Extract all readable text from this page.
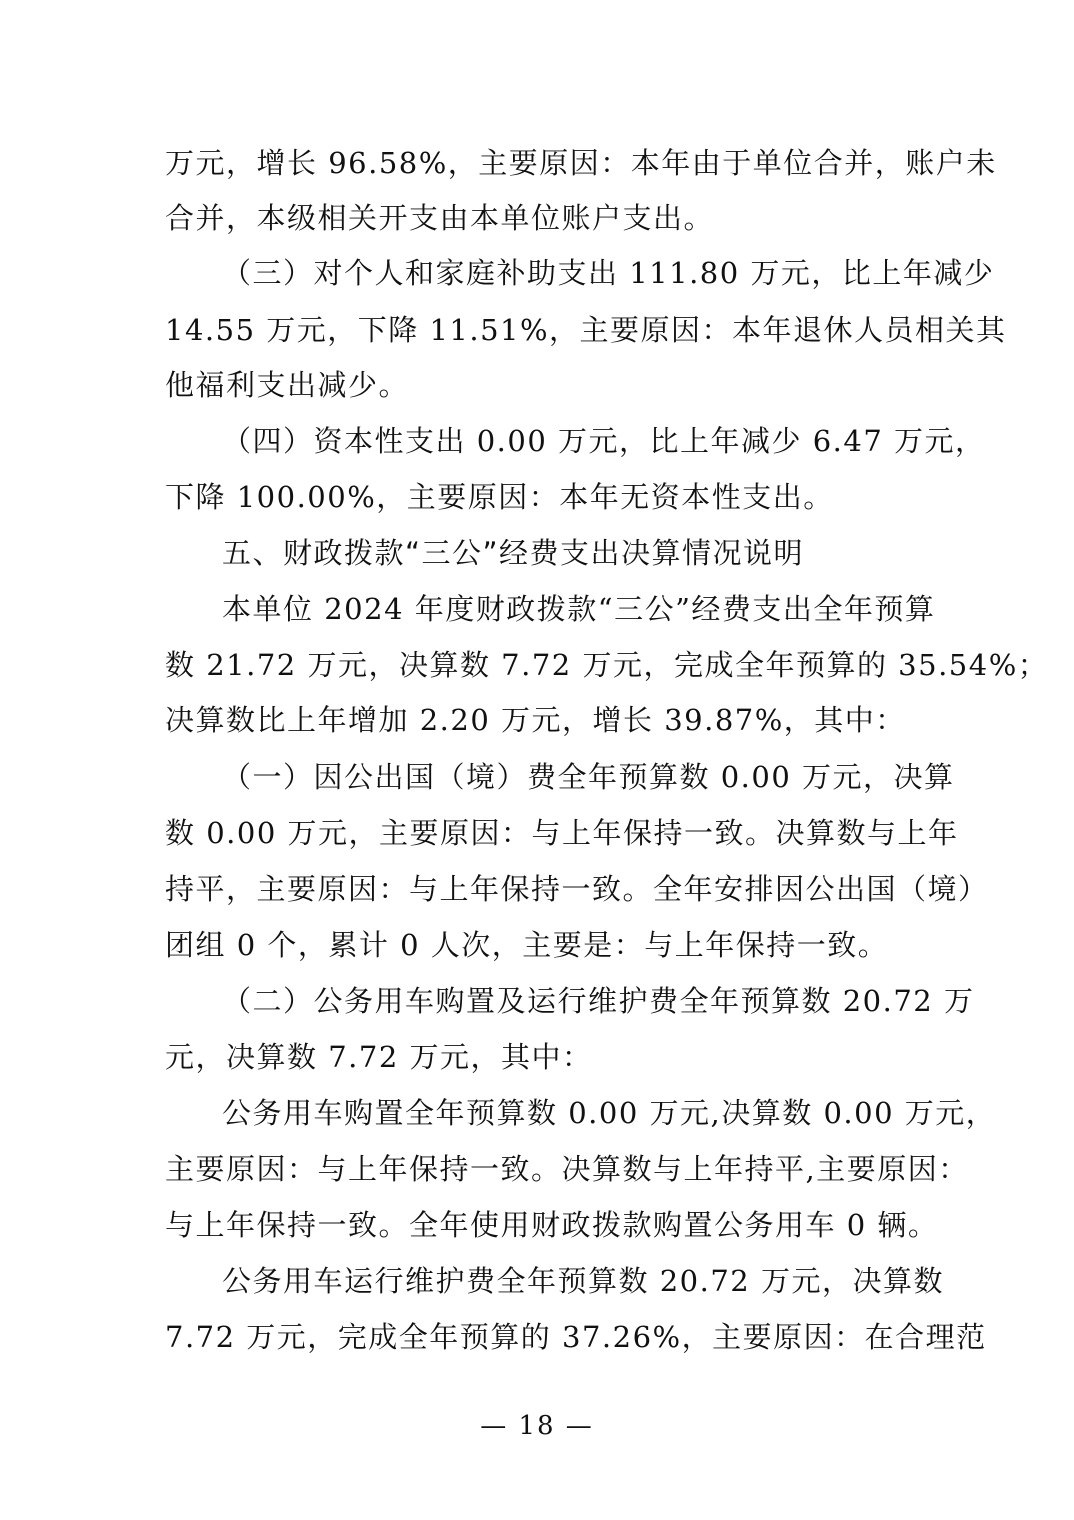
万元，增长 96.58%，主要原因：本年由于单位合并，账户未
合并，本级相关开支由本单位账户支出。
（三）对个人和家庭补助支出 111.80 万元，比上年减少
14.55 万元，下降 11.51%，主要原因：本年退休人员相关其
他福利支出减少。
（四）资本性支出 0.00 万元，比上年减少 6.47 万元，
下降 100.00%，主要原因：本年无资本性支出。
五、财政拨款“三公”经费支出决算情况说明
本单位 2024 年度财政拨款“三公”经费支出全年预算
数 21.72 万元，决算数 7.72 万元，完成全年预算的 35.54%；
决算数比上年增加 2.20 万元，增长 39.87%，其中：
（一）因公出国（境）费全年预算数 0.00 万元，决算
数 0.00 万元，主要原因：与上年保持一致。决算数与上年
持平，主要原因：与上年保持一致。全年安排因公出国（境）
团组 0 个，累计 0 人次，主要是：与上年保持一致。
（二）公务用车购置及运行维护费全年预算数 20.72 万
元，决算数 7.72 万元，其中：
公务用车购置全年预算数 0.00 万元,决算数 0.00 万元，
主要原因：与上年保持一致。决算数与上年持平,主要原因：
与上年保持一致。全年使用财政拨款购置公务用车 0 辆。
公务用车运行维护费全年预算数 20.72 万元，决算数
7.72 万元，完成全年预算的 37.26%，主要原因：在合理范
— 18 —
